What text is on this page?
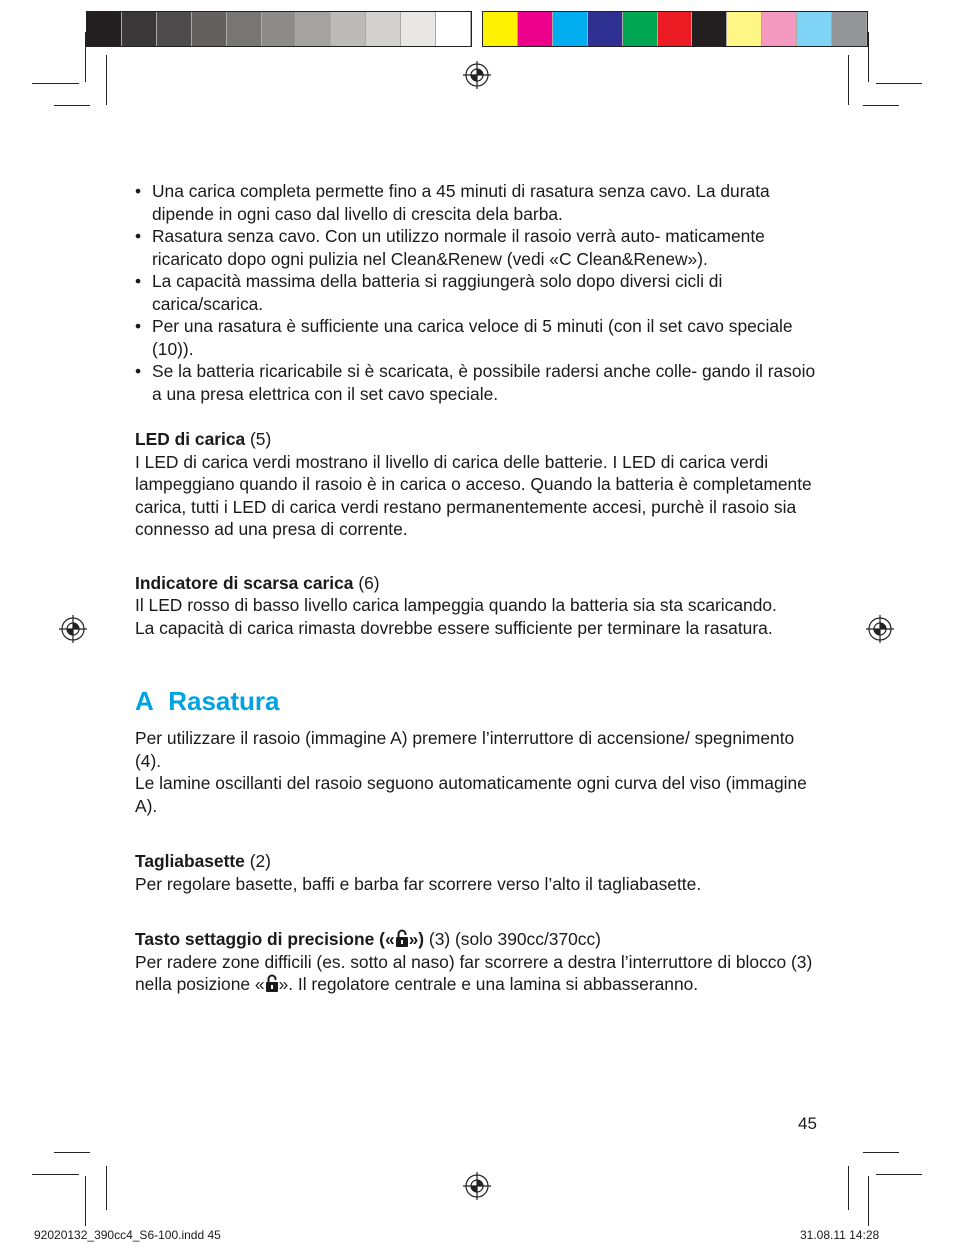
• Una carica completa permette fino a 45 minuti di rasatura senza cavo. La durata dipende in ogni caso dal livello di crescita dela barba.
• Rasatura senza cavo. Con un utilizzo normale il rasoio verrà auto- maticamente ricaricato dopo ogni pulizia nel Clean&Renew (vedi «C Clean&Renew»).
• La capacità massima della batteria si raggiungerà solo dopo diversi cicli di carica/scarica.
• Per una rasatura è sufficiente una carica veloce di 5 minuti (con il set cavo speciale (10)).
• Se la batteria ricaricabile si è scaricata, è possibile radersi anche colle- gando il rasoio a una presa elettrica con il set cavo speciale.

LED di carica (5)

I LED di carica verdi mostrano il livello di carica delle batterie. I LED di carica verdi lampeggiano quando il rasoio è in carica o acceso. Quando la batteria è completamente carica, tutti i LED di carica verdi restano permanentemente accesi, purchè il rasoio sia connesso ad una presa di corrente.

Indicatore di scarsa carica (6)

Il LED rosso di basso livello carica lampeggia quando la batteria sia sta scaricando.

La capacità di carica rimasta dovrebbe essere sufficiente per terminare la rasatura.

A Rasatura

Per utilizzare il rasoio (immagine A) premere l’interruttore di accensione/ spegnimento (4).

Le lamine oscillanti del rasoio seguono automaticamente ogni curva del viso (immagine A).

Tagliabasette (2)

Per regolare basette, baffi e barba far scorrere verso l’alto il tagliabasette.

Tasto settaggio di precisione (« ») (3) (solo 390cc/370cc)

Per radere zone difficili (es. sotto al naso) far scorrere a destra l’interruttore di blocco (3) nella posizione « ». Il regolatore centrale e una lamina si abbasseranno.

45
92020132_390cc4_S6-100.indd 45	31.08.11 14:28
